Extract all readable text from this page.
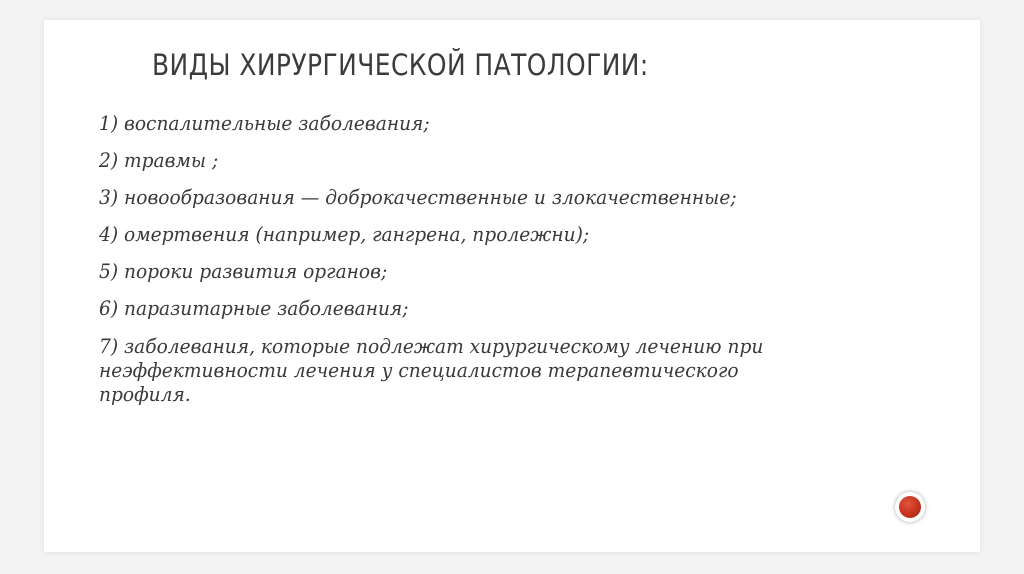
ВИДЫ ХИРУРГИЧЕСКОЙ ПАТОЛОГИИ:
1) воспалительные заболевания;
2) травмы ;
3) новообразования — доброкачественные и злокачественные;
4) омертвения (например, гангрена, пролежни);
5) пороки развития органов;
6) паразитарные заболевания;
7) заболевания, которые подлежат хирургическому лечению при
неэффективности лечения у специалистов терапевтического
профиля.
